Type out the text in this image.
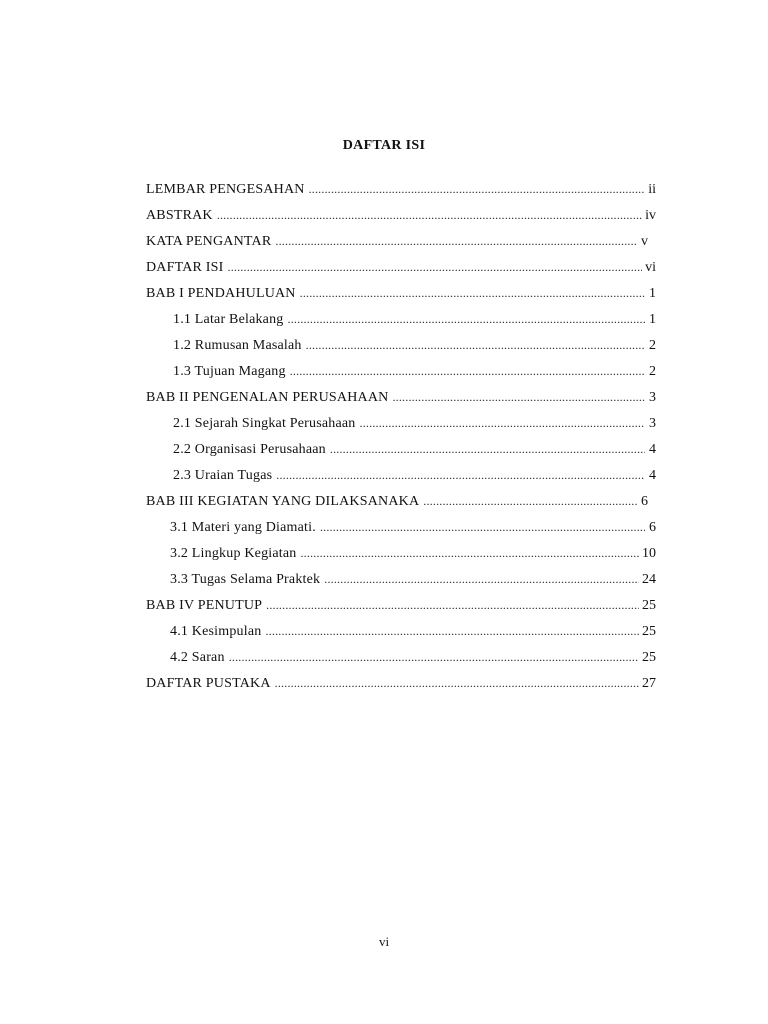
DAFTAR ISI
LEMBAR PENGESAHAN .....	ii
ABSTRAK .....	iv
KATA PENGANTAR .....	v
DAFTAR ISI .....	vi
BAB I PENDAHULUAN .....	1
1.1 Latar Belakang .....	1
1.2 Rumusan Masalah .....	2
1.3 Tujuan Magang .....	2
BAB II PENGENALAN PERUSAHAAN .....	3
2.1 Sejarah Singkat Perusahaan .....	3
2.2 Organisasi Perusahaan .....	4
2.3 Uraian Tugas .....	4
BAB III KEGIATAN YANG DILAKSANAKA .....	6
3.1 Materi yang Diamati. .....	6
3.2 Lingkup Kegiatan .....	10
3.3 Tugas Selama Praktek .....	24
BAB IV PENUTUP .....	25
4.1 Kesimpulan .....	25
4.2 Saran .....	25
DAFTAR PUSTAKA .....	27
vi
